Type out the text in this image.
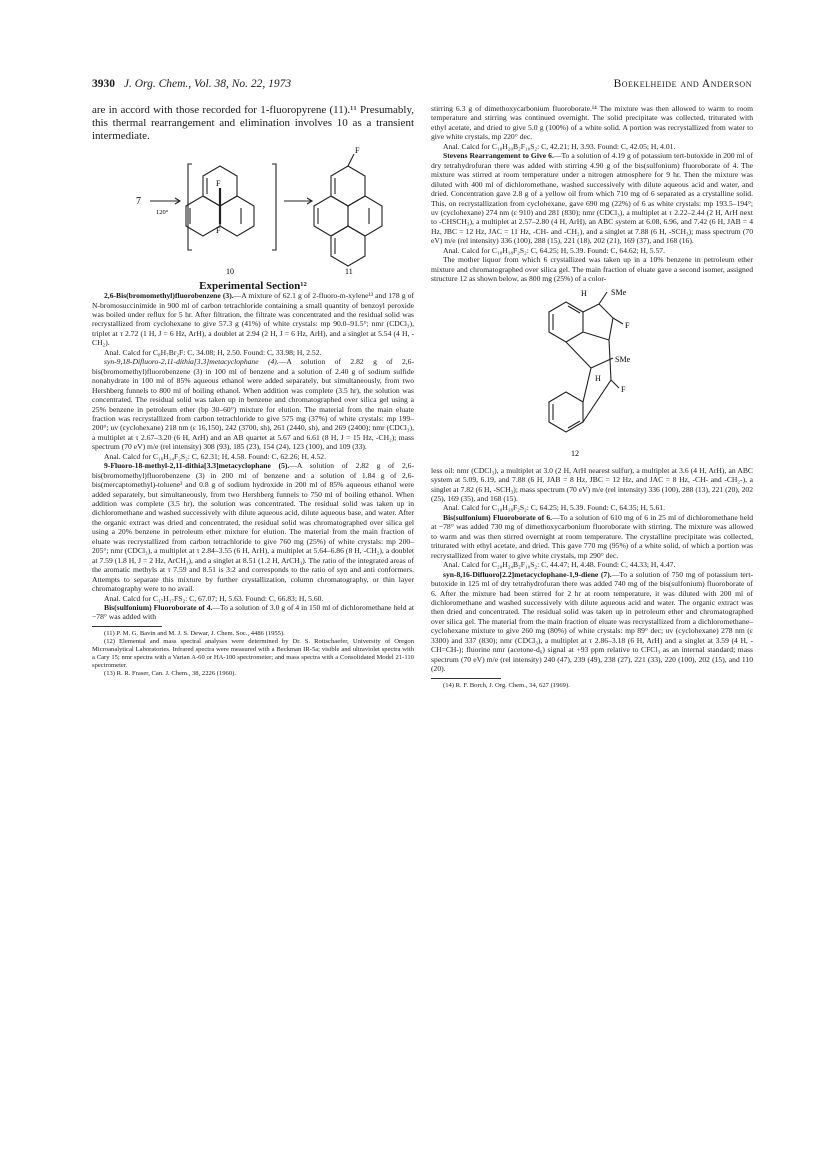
3930 J. Org. Chem., Vol. 38, No. 22, 1973	Boekelheide and Anderson

are in accord with those recorded for 1-fluoropyrene (11).¹¹ Presumably, this thermal rearrangement and elimination involves 10 as a transient intermediate.

7
120°
F
F
F
10	11

Experimental Section¹²

2,6-Bis(bromomethyl)fluorobenzene (3).—A mixture of 62.1 g of 2-fluoro-m-xylene¹³ and 178 g of N-bromosuccinimide in 900 ml of carbon tetrachloride containing a small quantity of benzoyl peroxide was boiled under reflux for 5 hr. After filtration, the filtrate was concentrated and the residual solid was recrystallized from cyclohexane to give 57.3 g (41%) of white crystals: mp 90.0–91.5°; nmr (CDCl₃), triplet at τ 2.72 (1 H, J = 6 Hz, ArH), a doublet at 2.94 (2 H, J = 6 Hz, ArH), and a singlet at 5.54 (4 H, -CH₂).

Anal. Calcd for C₈H₇Br₂F: C, 34.08; H, 2.50. Found: C, 33.98; H, 2.52.

syn-9,18-Difluoro-2,11-dithia[3.3]metacyclophane (4).—A solution of 2.82 g of 2,6-bis(bromomethyl)fluorobenzene (3) in 100 ml of benzene and a solution of 2.40 g of sodium sulfide nonahydrate in 100 ml of 85% aqueous ethanol were added separately, but simultaneously, from two Hershberg funnels to 800 ml of boiling ethanol. When addition was complete (3.5 hr), the solution was concentrated. The residual solid was taken up in benzene and chromatographed over silica gel using a 25% benzene in petroleum ether (bp 30–60°) mixture for elution. The material from the main eluate fraction was recrystallized from carbon tetrachloride to give 575 mg (37%) of white crystals: mp 199–200°; uv (cyclohexane) 218 nm (ε 16,150), 242 (3700, sh), 261 (2440, sh), and 269 (2400); nmr (CDCl₃), a multiplet at τ 2.67–3.20 (6 H, ArH) and an AB quartet at 5.67 and 6.61 (8 H, J = 15 Hz, -CH₂); mass spectrum (70 eV) m/e (rel intensity) 308 (93), 185 (23), 154 (24), 123 (100), and 109 (33).

Anal. Calcd for C₁₆H₁₄F₂S₂: C, 62.31; H, 4.58. Found: C, 62.26; H, 4.52.

9-Fluoro-18-methyl-2,11-dithia[3.3]metacyclophane (5).—A solution of 2.82 g of 2,6-bis(bromomethyl)fluorobenzene (3) in 200 ml of benzene and a solution of 1.84 g of 2,6-bis(mercaptomethyl)-toluene³ and 0.8 g of sodium hydroxide in 200 ml of 85% aqueous ethanol were added separately, but simultaneously, from two Hershberg funnels to 750 ml of boiling ethanol. When addition was complete (3.5 hr), the solution was concentrated. The residual solid was taken up in dichloromethane and washed successively with dilute aqueous acid, dilute aqueous base, and water. After the organic extract was dried and concentrated, the residual solid was chromatographed over silica gel using a 20% benzene in petroleum ether mixture for elution. The material from the main fraction of eluate was recrystallized from carbon tetrachloride to give 760 mg (25%) of white crystals: mp 200–205°; nmr (CDCl₃), a multiplet at τ 2.84–3.55 (6 H, ArH), a multiplet at 5.64–6.86 (8 H, -CH₂), a doublet at 7.59 (1.8 H, J = 2 Hz, ArCH₃), and a singlet at 8.51 (1.2 H, ArCH₃). The ratio of the integrated areas of the aromatic methyls at τ 7.59 and 8.51 is 3:2 and corresponds to the ratio of syn and anti conformers. Attempts to separate this mixture by further crystallization, column chromatography, or thin layer chromatography were to no avail.

Anal. Calcd for C₁₇H₁₇FS₂: C, 67.07; H, 5.63. Found: C, 66.83; H, 5.60.

Bis(sulfonium) Fluoroborate of 4.—To a solution of 3.0 g of 4 in 150 ml of dichloromethane held at −78° was added with

(11) P. M. G. Bavin and M. J. S. Dewar, J. Chem. Soc., 4486 (1955).

(12) Elemental and mass spectral analyses were determined by Dr. S. Rottschaefer, University of Oregon Microanalytical Laboratories. Infrared spectra were measured with a Beckman IR-5a; visible and ultraviolet spectra with a Cary 15; nmr spectra with a Varian A-60 or HA-100 spectrometer; and mass spectra with a Consolidated Model 21-110 spectrometer.

(13) R. R. Fraser, Can. J. Chem., 38, 2226 (1960).

stirring 6.3 g of dimethoxycarbonium fluoroborate.¹⁴ The mixture was then allowed to warm to room temperature and stirring was continued overnight. The solid precipitate was collected, triturated with ethyl acetate, and dried to give 5.0 g (100%) of a white solid. A portion was recrystallized from water to give white crystals, mp 220° dec.

Anal. Calcd for C₁₈H₂₀B₂F₁₀S₂: C, 42.21; H, 3.93. Found: C, 42.05; H, 4.01.

Stevens Rearrangement to Give 6.—To a solution of 4.19 g of potassium tert-butoxide in 200 ml of dry tetrahydrofuran there was added with stirring 4.90 g of the bis(sulfonium) fluoroborate of 4. The mixture was stirred at room temperature under a nitrogen atmosphere for 9 hr. Then the mixture was diluted with 400 ml of dichloromethane, washed successively with dilute aqueous acid and water, and dried. Concentration gave 2.8 g of a yellow oil from which 710 mg of 6 separated as a crystalline solid. This, on recrystallization from cyclohexane, gave 690 mg (22%) of 6 as white crystals: mp 193.5–194°; uv (cyclohexane) 274 nm (ε 910) and 281 (830); nmr (CDCl₃), a multiplet at τ 2.22–2.44 (2 H, ArH next to -CHSCH₃), a multiplet at 2.57–2.80 (4 H, ArH), an ABC system at 6.08, 6.96, and 7.42 (6 H, JAB = 4 Hz, JBC = 12 Hz, JAC = 11 Hz, -CH- and -CH₂), and a singlet at 7.88 (6 H, -SCH₃); mass spectrum (70 eV) m/e (rel intensity) 336 (100), 288 (15), 221 (18), 202 (21), 169 (37), and 168 (16).

Anal. Calcd for C₁₈H₁₈F₂S₂: C, 64.25; H, 5.39. Found: C, 64.62; H, 5.57.

The mother liquor from which 6 crystallized was taken up in a 10% benzene in petroleum ether mixture and chromatographed over silica gel. The main fraction of eluate gave a second isomer, assigned structure 12 as shown below, as 800 mg (25%) of a color-

H	SMe
F
SMe
H
F
12

less oil: nmr (CDCl₃), a multiplet at 3.0 (2 H, ArH nearest sulfur), a multiplet at 3.6 (4 H, ArH), an ABC system at 5.09, 6.19, and 7.88 (6 H, JAB = 8 Hz, JBC = 12 Hz, and JAC = 8 Hz, -CH- and -CH₂-), a singlet at 7.82 (6 H, -SCH₃); mass spectrum (70 eV) m/e (rel intensity) 336 (100), 288 (13), 221 (20), 202 (25), 169 (35), and 168 (15).

Anal. Calcd for C₁₈H₁₈F₂S₂: C, 64.25; H, 5.39. Found: C, 64.35; H, 5.61.

Bis(sulfonium) Fluoroborate of 6.—To a solution of 610 mg of 6 in 25 ml of dichloromethane held at −78° was added 730 mg of dimethoxycarbonium fluoroborate with stirring. The mixture was allowed to warm and was then stirred overnight at room temperature. The crystalline precipitate was collected, triturated with ethyl acetate, and dried. This gave 770 mg (95%) of a white solid, of which a portion was recrystallized from water to give white crystals, mp 290° dec.

Anal. Calcd for C₂₀H₂₄B₂F₁₀S₂: C, 44.47; H, 4.48. Found: C, 44.33; H, 4.47.

syn-8,16-Difluoro[2.2]metacyclophane-1,9-diene (7).—To a solution of 750 mg of potassium tert-butoxide in 125 ml of dry tetrahydrofuran there was added 740 mg of the bis(sulfonium) fluoroborate of 6. After the mixture had been stirred for 2 hr at room temperature, it was diluted with 200 ml of dichloromethane and washed successively with dilute aqueous acid and water. The organic extract was then dried and concentrated. The residual solid was taken up in petroleum ether and chromatographed over silica gel. The material from the main fraction of eluate was recrystallized from a dichloromethane–cyclohexane mixture to give 260 mg (80%) of white crystals: mp 89° dec; uv (cyclohexane) 278 nm (ε 3300) and 337 (830); nmr (CDCl₃), a multiplet at τ 2.86–3.18 (6 H, ArH) and a singlet at 3.59 (4 H, -CH=CH-); fluorine nmr (acetone-d₆) signal at +93 ppm relative to CFCl₃ as an internal standard; mass spectrum (70 eV) m/e (rel intensity) 240 (47), 239 (49), 238 (27), 221 (33), 220 (100), 202 (15), and 110 (20).

(14) R. F. Borch, J. Org. Chem., 34, 627 (1969).
